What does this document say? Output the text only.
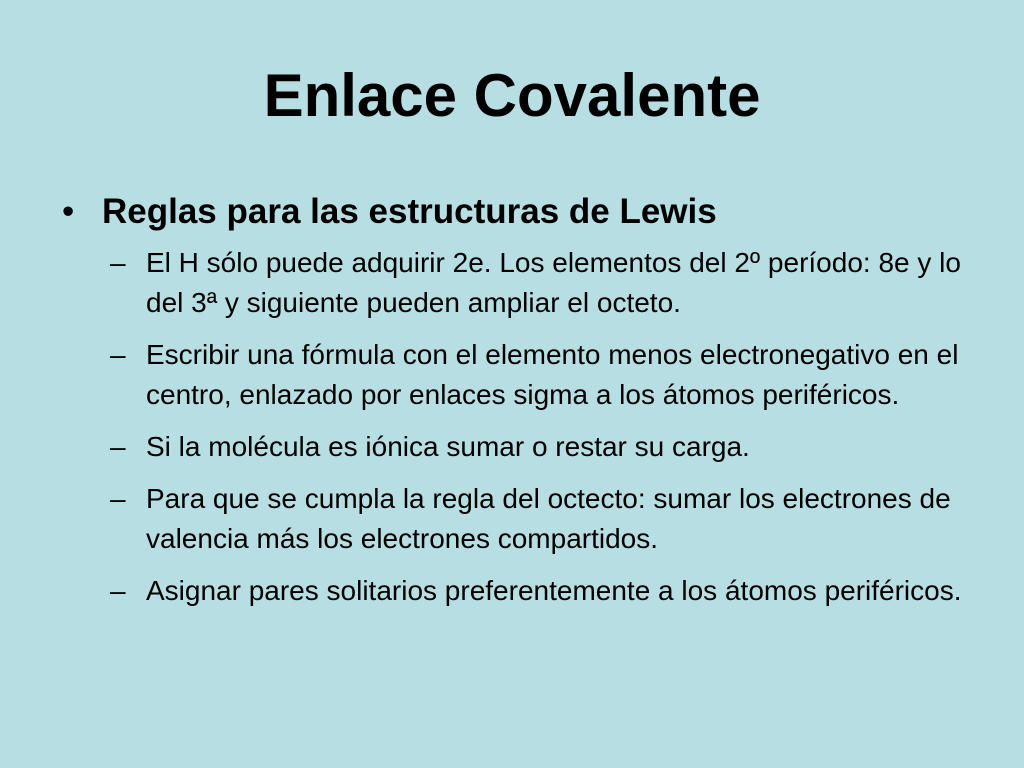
Enlace Covalente
• Reglas para las estructuras de Lewis
– El H sólo puede adquirir 2e. Los elementos del 2º período: 8e y lo del 3ª y siguiente pueden ampliar el octeto.
– Escribir una fórmula con el elemento menos electronegativo en el centro, enlazado por enlaces sigma a los átomos periféricos.
– Si la molécula es iónica sumar o restar su carga.
– Para que se cumpla la regla del octecto: sumar los electrones de valencia más los electrones compartidos.
– Asignar pares solitarios preferentemente a los átomos periféricos.
